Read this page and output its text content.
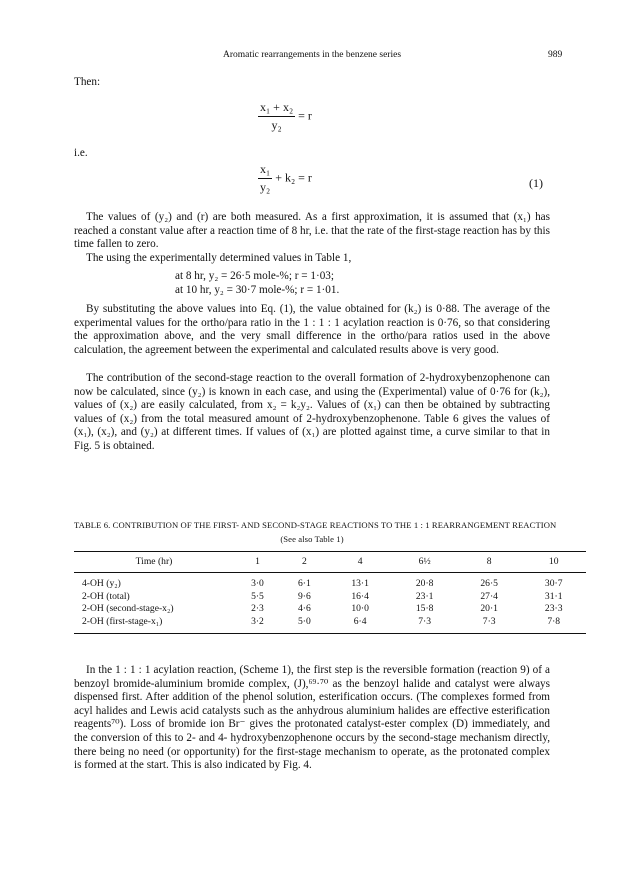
Aromatic rearrangements in the benzene series	989
Then:
$\frac{\text{x₁ + x₂}}{\text{y₂}} = r$
i.e.
$\frac{\text{x₁}}{\text{y₂}} + k_2 = r$	(1)
The values of (y₂) and (r) are both measured. As a first approximation, it is assumed that (x₁) has reached a constant value after a reaction time of 8 hr, i.e. that the rate of the first-stage reaction has by this time fallen to zero.
The using the experimentally determined values in Table 1,
at 8 hr, y₂ = 26·5 mole-%; r = 1·03;
at 10 hr, y₂ = 30·7 mole-%; r = 1·01.
By substituting the above values into Eq. (1), the value obtained for (k₂) is 0·88. The average of the experimental values for the ortho/para ratio in the 1 : 1 : 1 acylation reaction is 0·76, so that considering the approximation above, and the very small difference in the ortho/para ratios used in the above calculation, the agreement between the experimental and calculated results above is very good.
The contribution of the second-stage reaction to the overall formation of 2-hydroxybenzophenone can now be calculated, since (y₂) is known in each case, and using the (Experimental) value of 0·76 for (k₂), values of (x₂) are easily calculated, from x₂ = k₂y₂. Values of (x₁) can then be obtained by subtracting values of (x₂) from the total measured amount of 2-hydroxybenzophenone. Table 6 gives the values of (x₁), (x₂), and (y₂) at different times. If values of (x₁) are plotted against time, a curve similar to that in Fig. 5 is obtained.
TABLE 6. CONTRIBUTION OF THE FIRST- AND SECOND-STAGE REACTIONS TO THE 1 : 1 REARRANGEMENT REACTION
(See also Table 1)
Time (hr)	1	2	4	6½	8	10
4-OH (y₂)	3·0	6·1	13·1	20·8	26·5	30·7
2-OH (total)	5·5	9·6	16·4	23·1	27·4	31·1
2-OH (second-stage-x₂)	2·3	4·6	10·0	15·8	20·1	23·3
2-OH (first-stage-x₁)	3·2	5·0	6·4	7·3	7·3	7·8
In the 1 : 1 : 1 acylation reaction, (Scheme 1), the first step is the reversible formation (reaction 9) of a benzoyl bromide-aluminium bromide complex, (J),⁶⁹·⁷⁰ as the benzoyl halide and catalyst were always dispensed first. After addition of the phenol solution, esterification occurs. (The complexes formed from acyl halides and Lewis acid catalysts such as the anhydrous aluminium halides are effective esterification reagents⁷⁰). Loss of bromide ion Br⁻ gives the protonated catalyst-ester complex (D) immediately, and the conversion of this to 2- and 4- hydroxybenzophenone occurs by the second-stage mechanism directly, there being no need (or opportunity) for the first-stage mechanism to operate, as the protonated complex is formed at the start. This is also indicated by Fig. 4.
